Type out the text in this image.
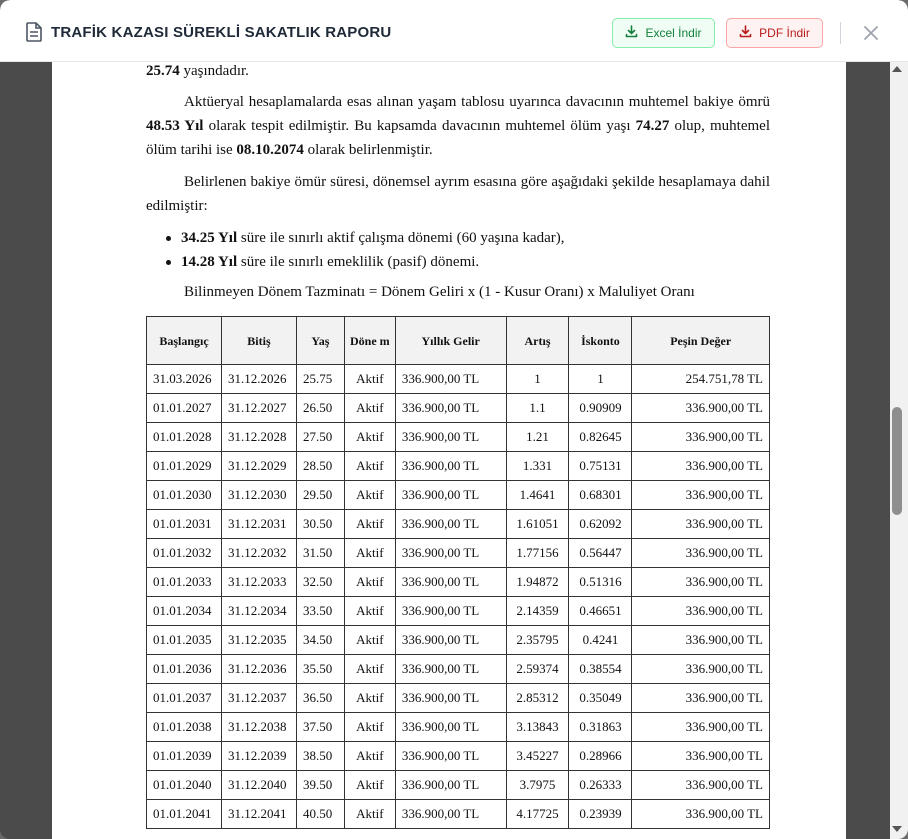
TRAFİK KAZASI SÜREKLİ SAKATLIK RAPORU	Excel İndir	PDF İndir
25.74 yaşındadır.
Aktüeryal hesaplamalarda esas alınan yaşam tablosu uyarınca davacının muhtemel bakiye ömrü 48.53 Yıl olarak tespit edilmiştir. Bu kapsamda davacının muhtemel ölüm yaşı 74.27 olup, muhtemel ölüm tarihi ise 08.10.2074 olarak belirlenmiştir.
Belirlenen bakiye ömür süresi, dönemsel ayrım esasına göre aşağıdaki şekilde hesaplamaya dahil edilmiştir:
34.25 Yıl süre ile sınırlı aktif çalışma dönemi (60 yaşına kadar),
14.28 Yıl süre ile sınırlı emeklilik (pasif) dönemi.
Bilinmeyen Dönem Tazminatı = Dönem Geliri x (1 - Kusur Oranı) x Maluliyet Oranı
Başlangıç	Bitiş	Yaş	Döne m	Yıllık Gelir	Artış	İskonto	Peşin Değer
31.03.2026	31.12.2026	25.75	Aktif	336.900,00 TL	1	1	254.751,78 TL
01.01.2027	31.12.2027	26.50	Aktif	336.900,00 TL	1.1	0.90909	336.900,00 TL
01.01.2028	31.12.2028	27.50	Aktif	336.900,00 TL	1.21	0.82645	336.900,00 TL
01.01.2029	31.12.2029	28.50	Aktif	336.900,00 TL	1.331	0.75131	336.900,00 TL
01.01.2030	31.12.2030	29.50	Aktif	336.900,00 TL	1.4641	0.68301	336.900,00 TL
01.01.2031	31.12.2031	30.50	Aktif	336.900,00 TL	1.61051	0.62092	336.900,00 TL
01.01.2032	31.12.2032	31.50	Aktif	336.900,00 TL	1.77156	0.56447	336.900,00 TL
01.01.2033	31.12.2033	32.50	Aktif	336.900,00 TL	1.94872	0.51316	336.900,00 TL
01.01.2034	31.12.2034	33.50	Aktif	336.900,00 TL	2.14359	0.46651	336.900,00 TL
01.01.2035	31.12.2035	34.50	Aktif	336.900,00 TL	2.35795	0.4241	336.900,00 TL
01.01.2036	31.12.2036	35.50	Aktif	336.900,00 TL	2.59374	0.38554	336.900,00 TL
01.01.2037	31.12.2037	36.50	Aktif	336.900,00 TL	2.85312	0.35049	336.900,00 TL
01.01.2038	31.12.2038	37.50	Aktif	336.900,00 TL	3.13843	0.31863	336.900,00 TL
01.01.2039	31.12.2039	38.50	Aktif	336.900,00 TL	3.45227	0.28966	336.900,00 TL
01.01.2040	31.12.2040	39.50	Aktif	336.900,00 TL	3.7975	0.26333	336.900,00 TL
01.01.2041	31.12.2041	40.50	Aktif	336.900,00 TL	4.17725	0.23939	336.900,00 TL
